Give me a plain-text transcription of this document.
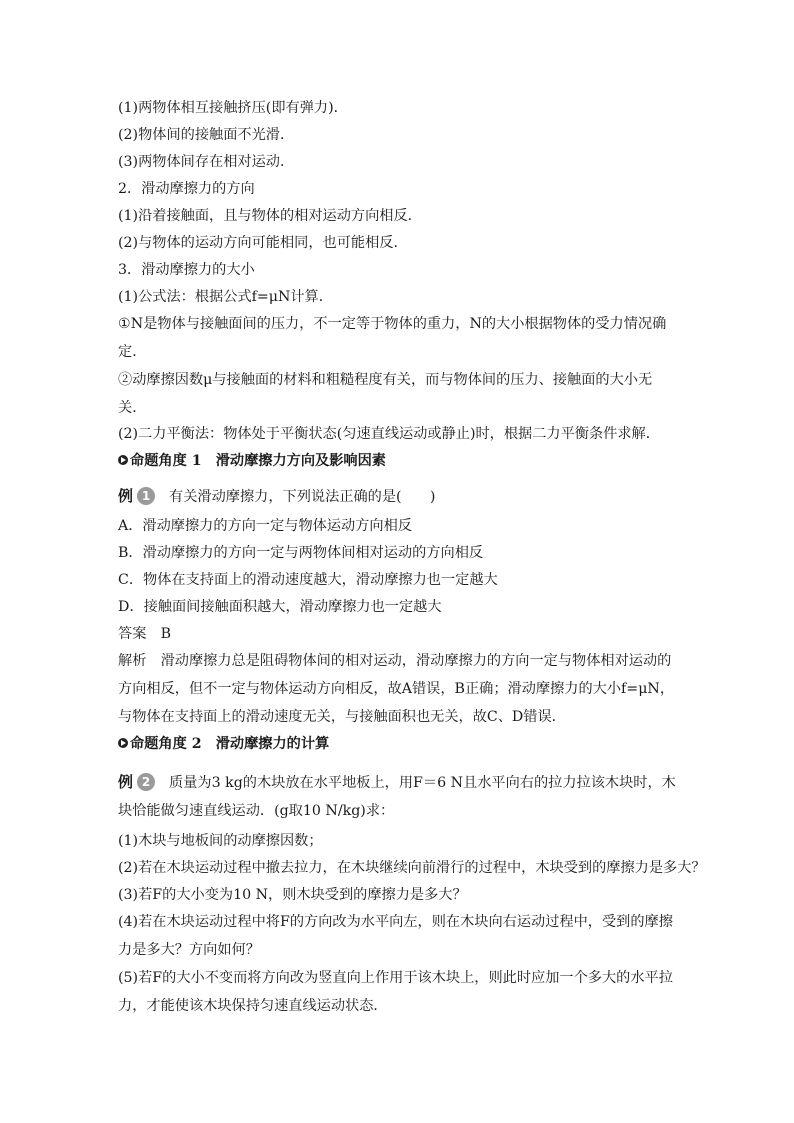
(1)两物体相互接触挤压(即有弹力)．
(2)物体间的接触面不光滑．
(3)两物体间存在相对运动．
2．滑动摩擦力的方向
(1)沿着接触面，且与物体的相对运动方向相反．
(2)与物体的运动方向可能相同，也可能相反．
3．滑动摩擦力的大小
(1)公式法：根据公式f=μN计算．
①N是物体与接触面间的压力，不一定等于物体的重力，N的大小根据物体的受力情况确定．
②动摩擦因数μ与接触面的材料和粗糙程度有关，而与物体间的压力、接触面的大小无关．
(2)二力平衡法：物体处于平衡状态(匀速直线运动或静止)时，根据二力平衡条件求解．
命题角度 1　滑动摩擦力方向及影响因素
例 1 有关滑动摩擦力，下列说法正确的是(　　)
A．滑动摩擦力的方向一定与物体运动方向相反
B．滑动摩擦力的方向一定与两物体间相对运动的方向相反
C．物体在支持面上的滑动速度越大，滑动摩擦力也一定越大
D．接触面间接触面积越大，滑动摩擦力也一定越大
答案　B
解析　滑动摩擦力总是阻碍物体间的相对运动，滑动摩擦力的方向一定与物体相对运动的方向相反，但不一定与物体运动方向相反，故A错误，B正确；滑动摩擦力的大小f=μN，与物体在支持面上的滑动速度无关，与接触面积也无关，故C、D错误．
命题角度 2　滑动摩擦力的计算
例 2 质量为3 kg的木块放在水平地板上，用F＝6 N且水平向右的拉力拉该木块时，木块恰能做匀速直线运动．(g取10 N/kg)求：
(1)木块与地板间的动摩擦因数；
(2)若在木块运动过程中撤去拉力，在木块继续向前滑行的过程中，木块受到的摩擦力是多大？
(3)若F的大小变为10 N，则木块受到的摩擦力是多大？
(4)若在木块运动过程中将F的方向改为水平向左，则在木块向右运动过程中，受到的摩擦力是多大？方向如何？
(5)若F的大小不变而将方向改为竖直向上作用于该木块上，则此时应加一个多大的水平拉力，才能使该木块保持匀速直线运动状态．
